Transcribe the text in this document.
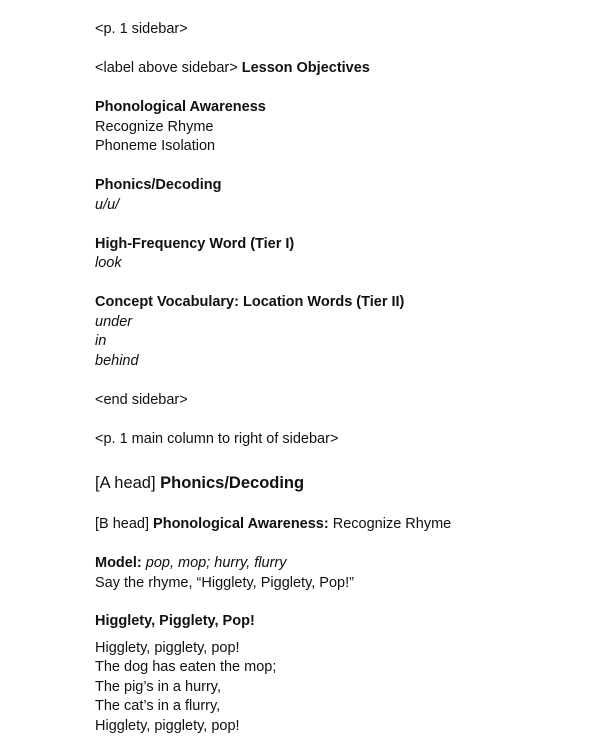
<p. 1 sidebar>
<label above sidebar> Lesson Objectives
Phonological Awareness
Recognize Rhyme
Phoneme Isolation
Phonics/Decoding
u/u/
High-Frequency Word (Tier I)
look
Concept Vocabulary: Location Words (Tier II)
under
in
behind
<end sidebar>
<p. 1 main column to right of sidebar>
[A head] Phonics/Decoding
[B head] Phonological Awareness: Recognize Rhyme
Model: pop, mop; hurry, flurry
Say the rhyme, “Higglety, Pigglety, Pop!”
Higglety, Pigglety, Pop!
Higglety, pigglety, pop!
The dog has eaten the mop;
The pig’s in a hurry,
The cat’s in a flurry,
Higglety, pigglety, pop!
